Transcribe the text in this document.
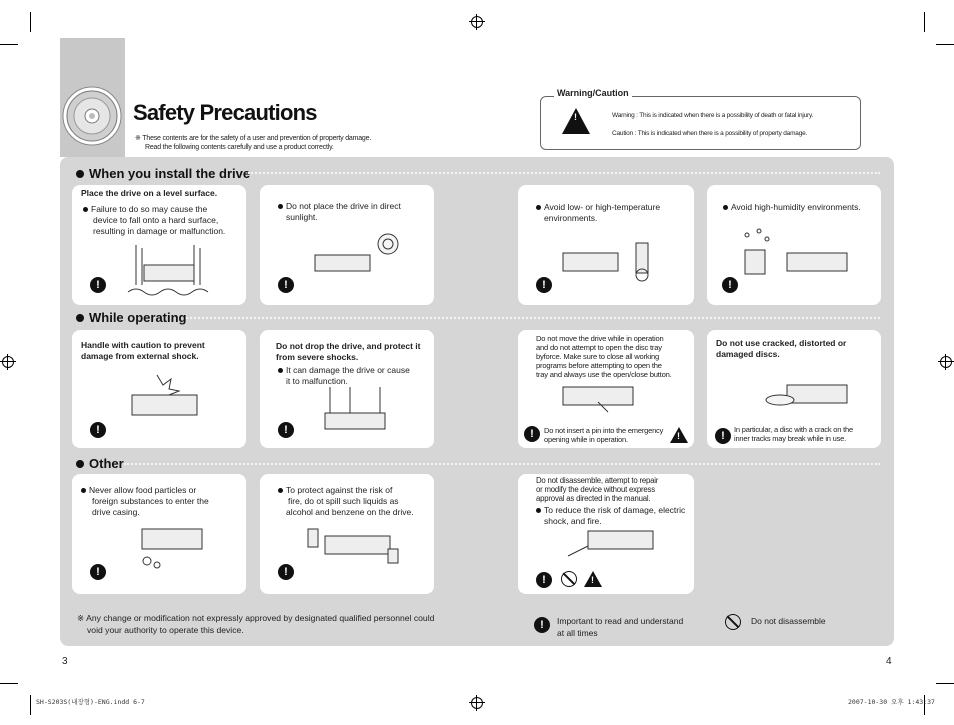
Safety Precautions
※ These contents are for the safety of a user and prevention of property damage.
Read the following contents carefully and use a product correctly.
Warning/Caution
!
Warning : This is indicated when there is a possibility of death or fatal injury.
Caution : This is indicated when there is a possibility of property damage.
When you install the drive
Place the drive on a level surface.
Failure to do so may cause the
device to fall onto a hard surface,
resulting in damage or malfunction.
!
Do not place the drive in direct
sunlight.
!
Avoid low- or high-temperature
environments.
!
Avoid high-humidity environments.
!
While operating
Handle with caution to prevent
damage from external shock.
!
Do not drop the drive, and protect it
from severe shocks.
It can damage the drive or cause
it to malfunction.
!
Do not move the drive while in operation
and do not attempt to open the disc tray
byforce. Make sure to close all working
programs before attempting to open the
tray and always use the open/close button.
!	Do not insert a pin into the emergency
opening while in operation.
!
Do not use cracked, distorted or
damaged discs.
!
In particular, a disc with a crack on the
inner tracks may break while in use.
Other
Never allow food particles or
foreign substances to enter the
drive casing.
!
To protect against the risk of
fire, do ot spill such liquids as
alcohol and benzene on the drive.
!
Do not disassemble, attempt to repair
or modify the device without express
approval as directed in the manual.
To reduce the risk of damage, electric
shock, and fire.
!
!
※ Any change or modification not expressly approved by designated qualified personnel could
void your authority to operate this device.	!	Important to read and understand
at all times
Do not disassemble
3	4
SH-S203S(내장형)-ENG.indd 6-7	2007-10-30 오후 1:43:37
